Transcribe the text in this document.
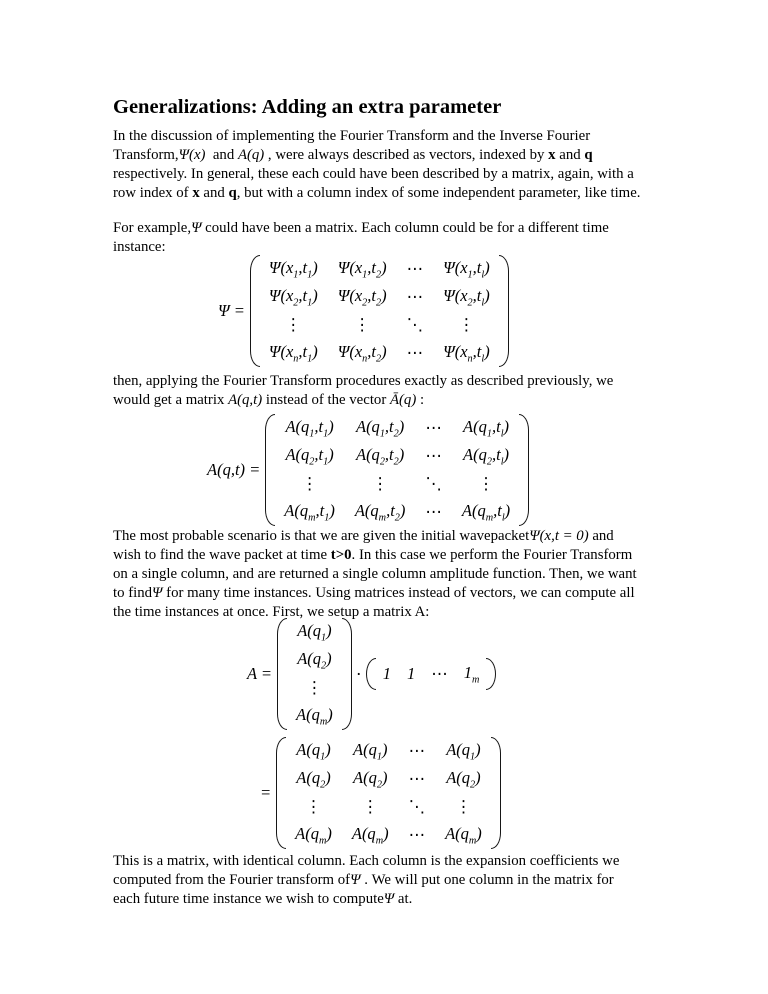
Generalizations: Adding an extra parameter
In the discussion of implementing the Fourier Transform and the Inverse Fourier
Transform,Ψ(x)  and A(q) , were always described as vectors, indexed by x and q
respectively. In general, these each could have been described by a matrix, again, with a
row index of x and q, but with a column index of some independent parameter, like time.
For example,Ψ could have been a matrix. Each column could be for a different time
instance:
Ψ =
$\Psi(x_1,t_1)$ $\Psi(x_1,t_2)$ ⋯ $\Psi(x_1,t_l)$
$\Psi(x_2,t_1)$ $\Psi(x_2,t_2)$ ⋯ $\Psi(x_2,t_l)$
⋮	⋮ ⋱ ⋮
$\Psi(x_n,t_1)$ $\Psi(x_n,t_2)$ ⋯ $\Psi(x_n,t_l)$
then, applying the Fourier Transform procedures exactly as described previously, we
would get a matrix A(q,t) instead of the vector Ā(q) :
A(q,t) =
$A(q_1,t_1)$ $A(q_1,t_2)$ ⋯ $A(q_1,t_l)$
$A(q_2,t_1)$ $A(q_2,t_2)$ ⋯ $A(q_2,t_l)$
⋮	⋮ ⋱ ⋮
$A(q_m,t_1)$ $A(q_m,t_2)$ ⋯ $A(q_m,t_l)$
The most probable scenario is that we are given the initial wavepacketΨ(x,t = 0) and
wish to find the wave packet at time t>0. In this case we perform the Fourier Transform
on a single column, and are returned a single column amplitude function. Then, we want
to findΨ for many time instances. Using matrices instead of vectors, we can compute all
the time instances at once. First, we setup a matrix A:
A =
$A(q_1)$
$A(q_2)$
⋮
$A(q_m)$
· 1 1 ⋯ $1_m$
=
$A(q_1)$ $A(q_1)$ ⋯ $A(q_1)$
$A(q_2)$ $A(q_2)$ ⋯ $A(q_2)$
⋮ ⋮ ⋱ ⋮
$A(q_m)$ $A(q_m)$ ⋯ $A(q_m)$
This is a matrix, with identical column. Each column is the expansion coefficients we
computed from the Fourier transform ofΨ . We will put one column in the matrix for
each future time instance we wish to computeΨ at.
